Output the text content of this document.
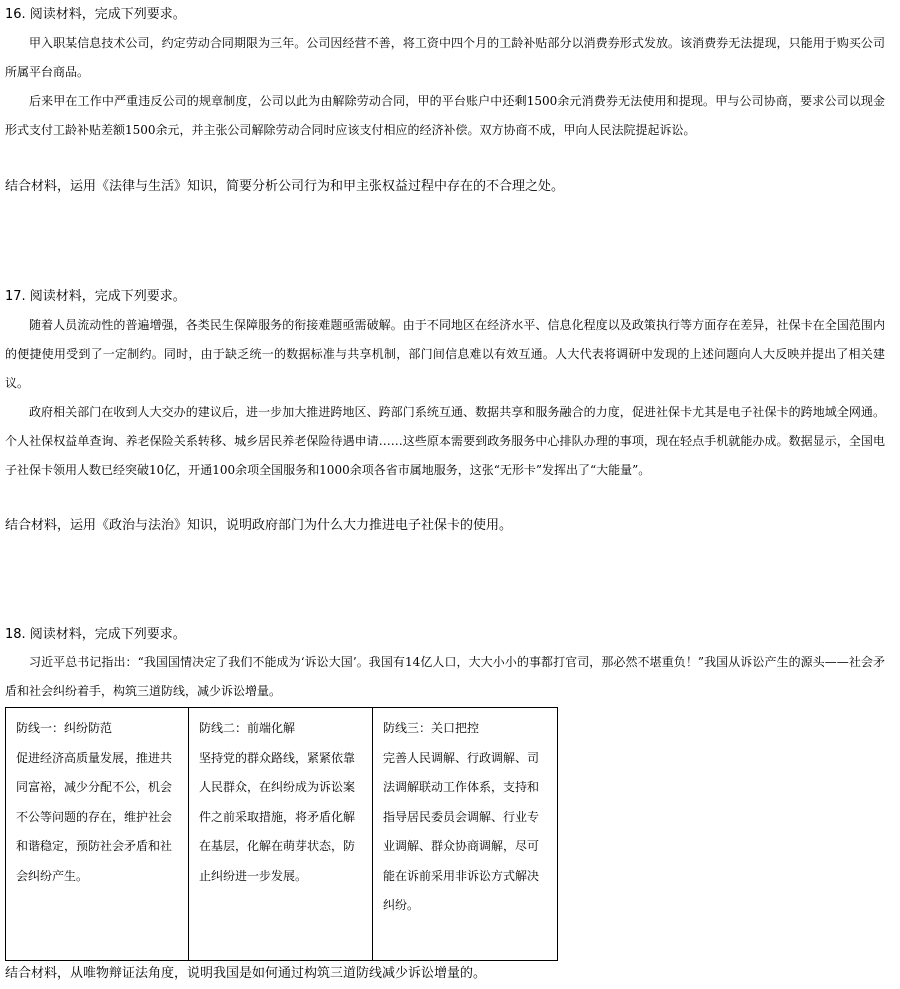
16. 阅读材料，完成下列要求。

甲入职某信息技术公司，约定劳动合同期限为三年。公司因经营不善，将工资中四个月的工龄补贴部分以消费券形式发放。该消费券无法提现，只能用于购买公司所属平台商品。

后来甲在工作中严重违反公司的规章制度，公司以此为由解除劳动合同，甲的平台账户中还剩1500余元消费券无法使用和提现。甲与公司协商，要求公司以现金形式支付工龄补贴差额1500余元，并主张公司解除劳动合同时应该支付相应的经济补偿。双方协商不成，甲向人民法院提起诉讼。

结合材料，运用《法律与生活》知识，简要分析公司行为和甲主张权益过程中存在的不合理之处。
17. 阅读材料，完成下列要求。

随着人员流动性的普遍增强，各类民生保障服务的衔接难题亟需破解。由于不同地区在经济水平、信息化程度以及政策执行等方面存在差异，社保卡在全国范围内的便捷使用受到了一定制约。同时，由于缺乏统一的数据标准与共享机制，部门间信息难以有效互通。人大代表将调研中发现的上述问题向人大反映并提出了相关建议。

政府相关部门在收到人大交办的建议后，进一步加大推进跨地区、跨部门系统互通、数据共享和服务融合的力度，促进社保卡尤其是电子社保卡的跨地域全网通。个人社保权益单查询、养老保险关系转移、城乡居民养老保险待遇申请……这些原本需要到政务服务中心排队办理的事项，现在轻点手机就能办成。数据显示，全国电子社保卡领用人数已经突破10亿，开通100余项全国服务和1000余项各省市属地服务，这张“无形卡”发挥出了“大能量”。

结合材料，运用《政治与法治》知识，说明政府部门为什么大力推进电子社保卡的使用。
18. 阅读材料，完成下列要求。

习近平总书记指出：“我国国情决定了我们不能成为‘诉讼大国’。我国有14亿人口，大大小小的事都打官司，那必然不堪重负！”我国从诉讼产生的源头——社会矛盾和社会纠纷着手，构筑三道防线，减少诉讼增量。

防线一：纠纷防范
促进经济高质量发展，推进共同富裕，减少分配不公，机会不公等问题的存在，维护社会和谐稳定，预防社会矛盾和社会纠纷产生。

防线二：前端化解
坚持党的群众路线，紧紧依靠人民群众，在纠纷成为诉讼案件之前采取措施，将矛盾化解在基层，化解在萌芽状态，防止纠纷进一步发展。

防线三：关口把控
完善人民调解、行政调解、司法调解联动工作体系，支持和指导居民委员会调解、行业专业调解、群众协商调解，尽可能在诉前采用非诉讼方式解决纠纷。
结合材料，从唯物辩证法角度，说明我国是如何通过构筑三道防线减少诉讼增量的。
